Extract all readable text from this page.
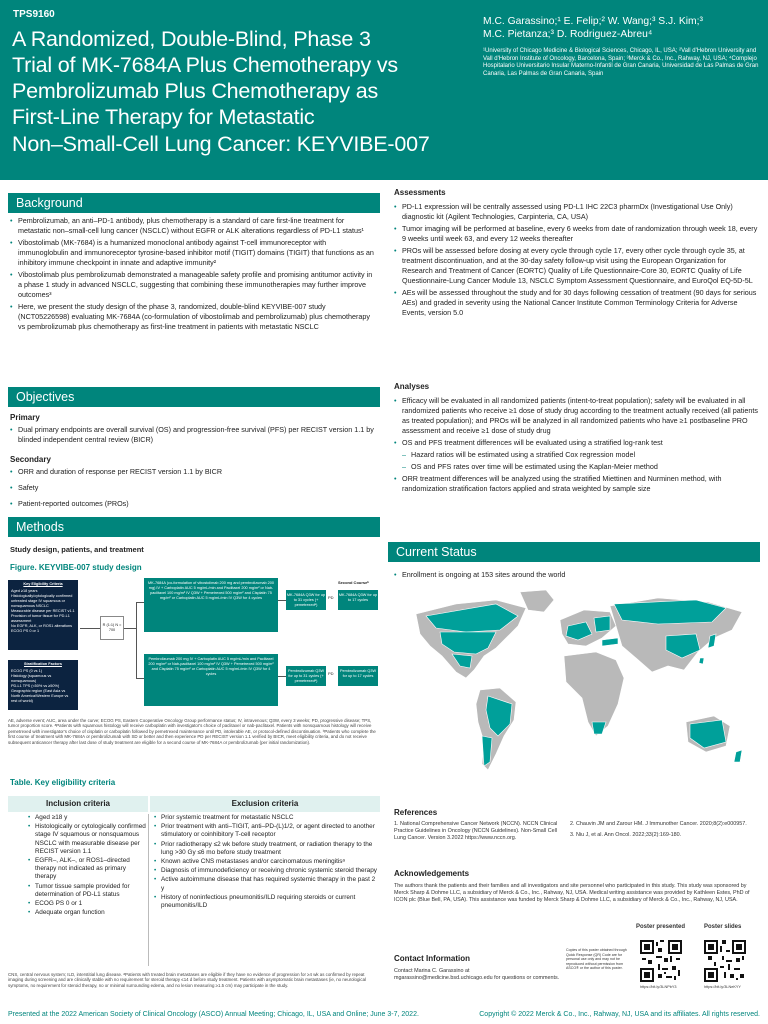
TPS9160
A Randomized, Double-Blind, Phase 3
Trial of MK-7684A Plus Chemotherapy vs
Pembrolizumab Plus Chemotherapy as
First-Line Therapy for Metastatic
Non–Small-Cell Lung Cancer: KEYVIBE-007
M.C. Garassino;¹ E. Felip;² W. Wang;³ S.J. Kim;³
M.C. Pietanza;³ D. Rodriguez-Abreu⁴
¹University of Chicago Medicine & Biological Sciences, Chicago, IL, USA; ²Vall d'Hebron University and Vall d'Hebron Institute of Oncology, Barcelona, Spain; ³Merck & Co., Inc., Rahway, NJ, USA; ⁴Complejo Hospitalario Universitario Insular Materno-Infantil de Gran Canaria, Universidad de Las Palmas de Gran Canaria, Las Palmas de Gran Canaria, Spain
Background
• Pembrolizumab, an anti–PD-1 antibody, plus chemotherapy is a standard of care first-line treatment for metastatic non–small-cell lung cancer (NSCLC) without EGFR or ALK alterations regardless of PD-L1 status¹
• Vibostolimab (MK-7684) is a humanized monoclonal antibody against T-cell immunoreceptor with immunoglobulin and immunoreceptor tyrosine-based inhibitor motif (TIGIT) domains (TIGIT) that functions as an inhibitory immune checkpoint in innate and adaptive immunity²
• Vibostolimab plus pembrolizumab demonstrated a manageable safety profile and promising antitumor activity in a phase 1 study in advanced NSCLC, suggesting that combining these immunotherapies may further improve outcomes³
• Here, we present the study design of the phase 3, randomized, double-blind KEYVIBE-007 study (NCT05226598) evaluating MK-7684A (co-formulation of vibostolimab and pembrolizumab) plus chemotherapy vs pembrolizumab plus chemotherapy as first-line treatment in patients with metastatic NSCLC
Objectives
Primary
• Dual primary endpoints are overall survival (OS) and progression-free survival (PFS) per RECIST version 1.1 by blinded independent central review (BICR)
Secondary
• ORR and duration of response per RECIST version 1.1 by BICR
• Safety
• Patient-reported outcomes (PROs)
Methods
Study design, patients, and treatment
Figure. KEYVIBE-007 study design
Key Eligibility Criteria
Aged ≥18 years
Histologically/cytologically confirmed untreated stage IV squamous or nonsquamous NSCLC
Measurable disease per RECIST v1.1
Provision of tumor tissue for PD-L1 assessment
No EGFR, ALK, or ROS1 alterations
ECOG PS 0 or 1
Stratification Factors
ECOG PS (0 vs 1)
Histology (squamous vs nonsquamous)
PD-L1 TPS (<50% vs ≥50%)
Geographic region (East Asia vs North America/Western Europe vs rest of world)
R (1:1) N = 700
MK-7684A (co-formulation of vibostolimab 200 mg and pembrolizumab 200 mg) IV + Carboplatin AUC 5 mg/mL/min and Paclitaxel 200 mg/m² or Nab-paclitaxel 100 mg/m² IV Q3W + Pemetrexed 500 mg/m² and Cisplatin 75 mg/m² or Carboplatin AUC 5 mg/mL/min IV Q3W for 4 cycles
Pembrolizumab 200 mg IV + Carboplatin AUC 5 mg/mL/min and Paclitaxel 200 mg/m² or Nab-paclitaxel 100 mg/m² IV Q3W + Pemetrexed 500 mg/m² and Cisplatin 75 mg/m² or Carboplatin AUC 5 mg/mL/min IV Q3W for 4 cycles
MK-7684A Q3W for up to 31 cycles (+ pemetrexedᵃ)
Pembrolizumab Q3W for up to 31 cycles (+ pemetrexedᵃ)
PD
PD
Second Courseᵇ
MK-7684A Q3W for up to 17 cycles
Pembrolizumab Q3W for up to 17 cycles
AE, adverse event; AUC, area under the curve; ECOG PS, Eastern Cooperative Oncology Group performance status; IV, intravenous; Q3W, every 3 weeks; PD, progressive disease; TPS, tumor proportion score. ᵃPatients with squamous histology will receive carboplatin with investigator's choice of paclitaxel or nab-paclitaxel. Patients with nonsquamous histology will receive pemetrexed with investigator's choice of cisplatin or carboplatin followed by pemetrexed maintenance until PD, intolerable AE, or protocol-defined discontinuation. ᵇPatients who complete the first course of treatment with MK-7684A or pembrolizumab with SD or better and then experience PD per RECIST version 1.1 verified by BICR, meet eligibility criteria, and do not receive subsequent anticancer therapy after last dose of study treatment are eligible for a second course of MK-7684A or pembrolizumab (per initial randomization).
Table. Key eligibility criteria
Inclusion criteria	Exclusion criteria
• Aged ≥18 y
• Histologically or cytologically confirmed stage IV squamous or nonsquamous NSCLC with measurable disease per RECIST version 1.1
• EGFR–, ALK–, or ROS1–directed therapy not indicated as primary therapy
• Tumor tissue sample provided for determination of PD-L1 status
• ECOG PS 0 or 1
• Adequate organ function
• Prior systemic treatment for metastatic NSCLC
• Prior treatment with anti–TIGIT, anti–PD-(L)1/2, or agent directed to another stimulatory or coinhibitory T-cell receptor
• Prior radiotherapy ≤2 wk before study treatment, or radiation therapy to the lung >30 Gy ≤6 mo before study treatment
• Known active CNS metastases and/or carcinomatous meningitisᵃ
• Diagnosis of immunodeficiency or receiving chronic systemic steroid therapy
• Active autoimmune disease that has required systemic therapy in the past 2 y
• History of noninfectious pneumonitis/ILD requiring steroids or current pneumonitis/ILD
CNS, central nervous system; ILD, interstitial lung disease. ᵃPatients with treated brain metastases are eligible if they have no evidence of progression for ≥4 wk as confirmed by repeat imaging during screening and are clinically stable with no requirement for steroid therapy ≤14 d before study treatment. Patients with asymptomatic brain metastases (ie, no neurological symptoms, no requirement for steroid therapy, no or minimal surrounding edema, and no lesion measuring ≥1.5 cm) may participate in the study.
Assessments
• PD-L1 expression will be centrally assessed using PD-L1 IHC 22C3 pharmDx (Investigational Use Only) diagnostic kit (Agilent Technologies, Carpinteria, CA, USA)
• Tumor imaging will be performed at baseline, every 6 weeks from date of randomization through week 18, every 9 weeks until week 63, and every 12 weeks thereafter
• PROs will be assessed before dosing at every cycle through cycle 17, every other cycle through cycle 35, at treatment discontinuation, and at the 30-day safety follow-up visit using the European Organization for Research and Treatment of Cancer (EORTC) Quality of Life Questionnaire-Core 30, EORTC Quality of Life Questionnaire-Lung Cancer Module 13, NSCLC Symptom Assessment Questionnaire, and EuroQol EQ-5D-5L
• AEs will be assessed throughout the study and for 30 days following cessation of treatment (90 days for serious AEs) and graded in severity using the National Cancer Institute Common Terminology Criteria for Adverse Events, version 5.0
Analyses
• Efficacy will be evaluated in all randomized patients (intent-to-treat population); safety will be evaluated in all randomized patients who receive ≥1 dose of study drug according to the treatment actually received (all patients as treated population); and PROs will be analyzed in all randomized patients who have ≥1 postbaseline PRO assessment and receive ≥1 dose of study drug
• OS and PFS treatment differences will be evaluated using a stratified log-rank test
– Hazard ratios will be estimated using a stratified Cox regression model
– OS and PFS rates over time will be estimated using the Kaplan-Meier method
• ORR treatment differences will be analyzed using the stratified Miettinen and Nurminen method, with randomization stratification factors applied and strata weighted by sample size
Current Status
• Enrollment is ongoing at 153 sites around the world
References
1. National Comprehensive Cancer Network (NCCN). NCCN Clinical Practice Guidelines in Oncology (NCCN Guidelines). Non-Small Cell Lung Cancer. Version 3.2022 https://www.nccn.org.
2. Chauvin JM and Zarour HM. J Immunother Cancer. 2020;8(2):e000957.
3. Niu J, et al. Ann Oncol. 2022;33(2):169-180.
Acknowledgements
The authors thank the patients and their families and all investigators and site personnel who participated in this study. This study was sponsored by Merck Sharp & Dohme LLC, a subsidiary of Merck & Co., Inc., Rahway, NJ, USA. Medical writing assistance was provided by Kathleen Estes, PhD of ICON plc (Blue Bell, PA, USA). This assistance was funded by Merck Sharp & Dohme LLC, a subsidiary of Merck & Co., Inc., Rahway, NJ, USA.
Contact Information
Contact Marina C. Garassino at mgarassino@medicine.bsd.uchicago.edu for questions or comments.
Copies of this poster obtained through Quick Response (QR) Code are for personal use only and may not be reproduced without permission from ASCO® or the author of this poster.
Poster presented	Poster slides
https://bit.ly/3LNPbY3	https://bit.ly/3LNeKYY
Presented at the 2022 American Society of Clinical Oncology (ASCO) Annual Meeting; Chicago, IL, USA and Online; June 3-7, 2022.	Copyright © 2022 Merck & Co., Inc., Rahway, NJ, USA and its affiliates. All rights reserved.
